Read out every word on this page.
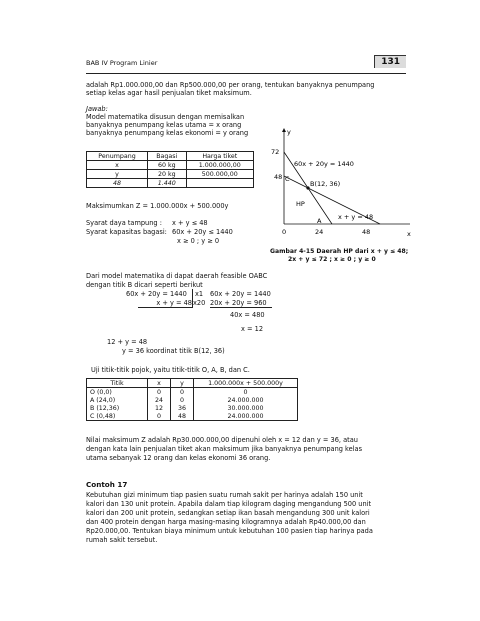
BAB IV Program Linier	131
adalah Rp1.000.000,00 dan Rp500.000,00 per orang, tentukan banyaknya penumpang
setiap kelas agar hasil penjualan tiket maksimum.
Jawab:
Model matematika disusun dengan memisalkan
banyaknya penumpang kelas utama = x orang
banyaknya penumpang kelas ekonomi = y orang
Penumpang	Bagasi	Harga tiket
x	60 kg	1.000.000,00
y	20 kg	500.000,00
48	1.440	
Maksimumkan Z = 1.000.000x + 500.000y
Syarat daya tampung : x + y ≤ 48
Syarat kapasitas bagasi: 60x + 20y ≤ 1440
x ≥ 0 ; y ≥ 0
y
x
72
48 C
60x + 20y = 1440
B(12, 36)
HP
A	x + y = 48
0	24	48
Gambar 4-15 Daerah HP dari x + y ≤ 48;
2x + y ≤ 72 ; x ≥ 0 ; y ≥ 0
Dari model matematika di dapat daerah feasible OABC
dengan titik B dicari seperti berikut
60x + 20y = 1440 x1 60x + 20y = 1440
x + y = 48 x20 20x + 20y = 960
40x = 480
x = 12
12 + y = 48
y = 36 koordinat titik B(12, 36)
Uji titik-titik pojok, yaitu titik-titik O, A, B, dan C.
Titik	x	y	1.000.000x + 500.000y
O (0,0)	0	0	0
A (24,0)	24	0	24.000.000
B (12,36)	12	36	30.000.000
C (0,48)	0	48	24.000.000
Nilai maksimum Z adalah Rp30.000.000,00 dipenuhi oleh x = 12 dan y = 36, atau
dengan kata lain penjualan tiket akan maksimum jika banyaknya penumpang kelas
utama sebanyak 12 orang dan kelas ekonomi 36 orang.
Contoh 17
Kebutuhan gizi minimum tiap pasien suatu rumah sakit per harinya adalah 150 unit
kalori dan 130 unit protein. Apabila dalam tiap kilogram daging mengandung 500 unit
kalori dan 200 unit protein, sedangkan setiap ikan basah mengandung 300 unit kalori
dan 400 protein dengan harga masing-masing kilogramnya adalah Rp40.000,00 dan
Rp20.000,00. Tentukan biaya minimum untuk kebutuhan 100 pasien tiap harinya pada
rumah sakit tersebut.
